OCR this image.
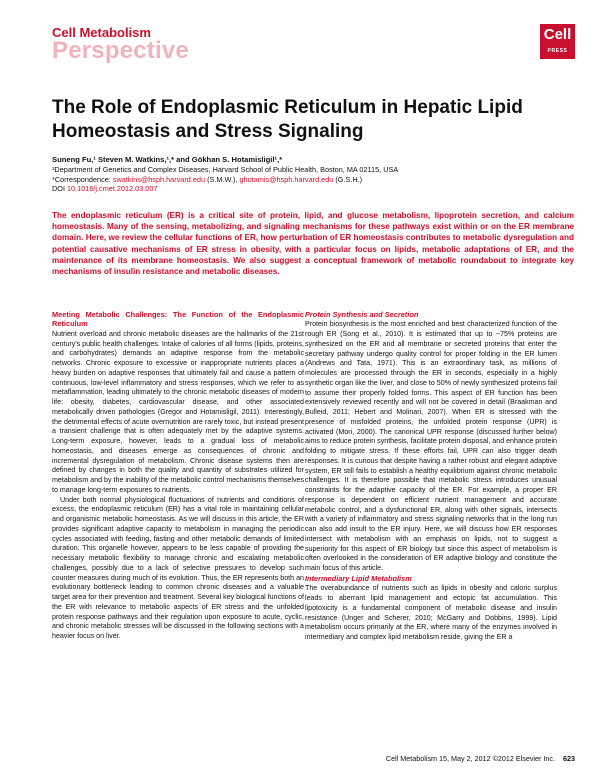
Cell Metabolism
Perspective
Cell
PRESS
The Role of Endoplasmic Reticulum in Hepatic Lipid Homeostasis and Stress Signaling
Suneng Fu,¹ Steven M. Watkins,¹,* and Gökhan S. Hotamisligil¹,*
¹Department of Genetics and Complex Diseases, Harvard School of Public Health, Boston, MA 02115, USA
*Correspondence: swatkins@hsph.harvard.edu (S.M.W.), ghotamis@hsph.harvard.edu (G.S.H.)
DOI 10.1016/j.cmet.2012.03.007
The endoplasmic reticulum (ER) is a critical site of protein, lipid, and glucose metabolism, lipoprotein secretion, and calcium homeostasis. Many of the sensing, metabolizing, and signaling mechanisms for these pathways exist within or on the ER membrane domain. Here, we review the cellular functions of ER, how perturbation of ER homeostasis contributes to metabolic dysregulation and potential causative mechanisms of ER stress in obesity, with a particular focus on lipids, metabolic adaptations of ER, and the maintenance of its membrane homeostasis. We also suggest a conceptual framework of metabolic roundabout to integrate key mechanisms of insulin resistance and metabolic diseases.
Meeting Metabolic Challenges: The Function of the Endoplasmic Reticulum

Nutrient overload and chronic metabolic diseases are the hallmarks of the 21st century's public health challenges. Intake of calories of all forms (lipids, proteins, and carbohydrates) demands an adaptive response from the metabolic networks. Chronic exposure to excessive or inappropriate nutrients places a heavy burden on adaptive responses that ultimately fail and cause a pattern of continuous, low-level inflammatory and stress responses, which we refer to as metaflammation, leading ultimately to the chronic metabolic diseases of modern life: obesity, diabetes, cardiovascular disease, and other associated metabolically driven pathologies (Gregor and Hotamisligil, 2011). Interestingly, the detrimental effects of acute overnutrition are rarely toxic, but instead present a transient challenge that is often adequately met by the adaptive systems. Long-term exposure, however, leads to a gradual loss of metabolic homeostasis, and diseases emerge as consequences of chronic and incremental dysregulation of metabolism. Chronic disease systems then are defined by changes in both the quality and quantity of substrates utilized for metabolism and by the inability of the metabolic control mechanisms themselves to manage long-term exposures to nutrients.

Under both normal physiological fluctuations of nutrients and conditions of excess, the endoplasmic reticulum (ER) has a vital role in maintaining cellular and organismic metabolic homeostasis. As we will discuss in this article, the ER provides significant adaptive capacity to metabolism in managing the periodic cycles associated with feeding, fasting and other metabolic demands of limited duration. This organelle however, appears to be less capable of providing the necessary metabolic flexibility to manage chronic and escalating metabolic challenges, possibly due to a lack of selective pressures to develop such counter measures during much of its evolution. Thus, the ER represents both an evolutionary bottleneck leading to common chronic diseases and a valuable target area for their prevention and treatment. Several key biological functions of the ER with relevance to metabolic aspects of ER stress and the unfolded protein response pathways and their regulation upon exposure to acute, cyclic, and chronic metabolic stresses will be discussed in the following sections with a heavier focus on liver.

Protein Synthesis and Secretion

Protein biosynthesis is the most enriched and best characterized function of the rough ER (Song et al., 2010). It is estimated that up to ~75% proteins are synthesized on the ER and all membrane or secreted proteins that enter the secretary pathway undergo quality control for proper folding in the ER lumen (Andrews and Tata, 1971). This is an extraordinary task, as millions of molecules are processed through the ER in seconds, especially in a highly synthetic organ like the liver, and close to 50% of newly synthesized proteins fail to assume their properly folded forms. This aspect of ER function has been extensively reviewed recently and will not be covered in detail (Braakman and Bulleid, 2011; Hebert and Molinari, 2007). When ER is stressed with the presence of misfolded proteins, the unfolded protein response (UPR) is activated (Mori, 2000). The canonical UPR response (discussed further below) aims to reduce protein synthesis, facilitate protein disposal, and enhance protein folding to mitigate stress. If these efforts fail, UPR can also trigger death responses. It is curious that despite having a rather robust and elegant adaptive system, ER still fails to establish a healthy equilibrium against chronic metabolic challenges. It is therefore possible that metabolic stress introduces unusual constraints for the adaptive capacity of the ER. For example, a proper ER response is dependent on efficient nutrient management and accurate metabolic control, and a dysfunctional ER, along with other signals, intersects with a variety of inflammatory and stress signaling networks that in the long run can also add insult to the ER injury. Here, we will discuss how ER responses intersect with metabolism with an emphasis on lipids, not to suggest a superiority for this aspect of ER biology but since this aspect of metabolism is often overlooked in the consideration of ER adaptive biology and constitute the main focus of this article.

Intermediary Lipid Metabolism

The overabundance of nutrients such as lipids in obesity and caloric surplus leads to aberrant lipid management and ectopic fat accumulation. This lipotoxicity is a fundamental component of metabolic disease and insulin resistance (Unger and Scherer, 2010; McGarry and Dobbins, 1999). Lipid metabolism occurs primarily at the ER, where many of the enzymes involved in intermediary and complex lipid metabolism reside, giving the ER a

Cell Metabolism 15, May 2, 2012 ©2012 Elsevier Inc. 623
